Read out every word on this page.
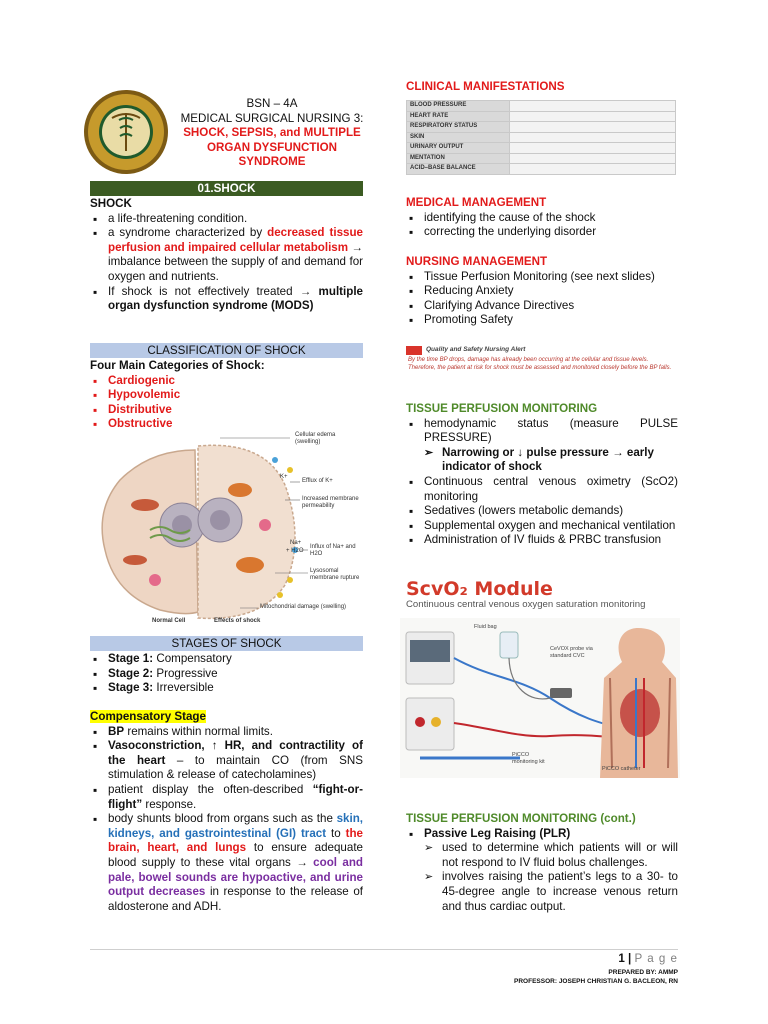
BSN – 4A
MEDICAL SURGICAL NURSING 3:
SHOCK, SEPSIS, and MULTIPLE
ORGAN DYSFUNCTION
SYNDROME
01.SHOCK
SHOCK
▪ a life-threatening condition.
▪ a syndrome characterized by decreased tissue perfusion and impaired cellular metabolism → imbalance between the supply of and demand for oxygen and nutrients.
▪ If shock is not effectively treated → multiple organ dysfunction syndrome (MODS)
CLASSIFICATION OF SHOCK
Four Main Categories of Shock:
▪ Cardiogenic
▪ Hypovolemic
▪ Distributive
▪ Obstructive
Cellular edema (swelling)
K+
Efflux of K+
Increased membrane permeability
Na+
+ H2O
Influx of Na+ and H2O
Lysosomal membrane rupture
Mitochondrial damage (swelling)
Normal Cell	Effects of shock
STAGES OF SHOCK
▪ Stage 1: Compensatory
▪ Stage 2: Progressive
▪ Stage 3: Irreversible
Compensatory Stage
▪ BP remains within normal limits.
▪ Vasoconstriction, ↑ HR, and contractility of the heart – to maintain CO (from SNS stimulation & release of catecholamines)
▪ patient display the often-described “fight-or-flight” response.
▪ body shunts blood from organs such as the skin, kidneys, and gastrointestinal (GI) tract to the brain, heart, and lungs to ensure adequate blood supply to these vital organs → cool and pale, bowel sounds are hypoactive, and urine output decreases in response to the release of aldosterone and ADH.
CLINICAL MANIFESTATIONS
BLOOD PRESSURE	
HEART RATE	
RESPIRATORY STATUS	
SKIN	
URINARY OUTPUT	
MENTATION	
ACID–BASE BALANCE	
MEDICAL MANAGEMENT
▪ identifying the cause of the shock
▪ correcting the underlying disorder
NURSING MANAGEMENT
▪ Tissue Perfusion Monitoring (see next slides)
▪ Reducing Anxiety
▪ Clarifying Advance Directives
▪ Promoting Safety
Quality and Safety Nursing Alert
By the time BP drops, damage has already been occurring at the cellular and tissue levels. Therefore, the patient at risk for shock must be assessed and monitored closely before the BP falls.
TISSUE PERFUSION MONITORING
▪ hemodynamic status (measure PULSE PRESSURE)
➢ Narrowing or ↓ pulse pressure → early indicator of shock
▪ Continuous central venous oximetry (ScO2) monitoring
▪ Sedatives (lowers metabolic demands)
▪ Supplemental oxygen and mechanical ventilation
▪ Administration of IV fluids & PRBC transfusion
ScvO₂ Module
Continuous central venous oxygen saturation monitoring
Fluid bag
CeVOX probe via standard CVC
PiCCO catheter
PiCCO monitoring kit
TISSUE PERFUSION MONITORING (cont.)
▪ Passive Leg Raising (PLR)
➢ used to determine which patients will or will not respond to IV fluid bolus challenges.
➢ involves raising the patient’s legs to a 30- to 45-degree angle to increase venous return and thus cardiac output.
1 | P a g e
PREPARED BY: AMMP
PROFESSOR: JOSEPH CHRISTIAN G. BACLEON, RN
